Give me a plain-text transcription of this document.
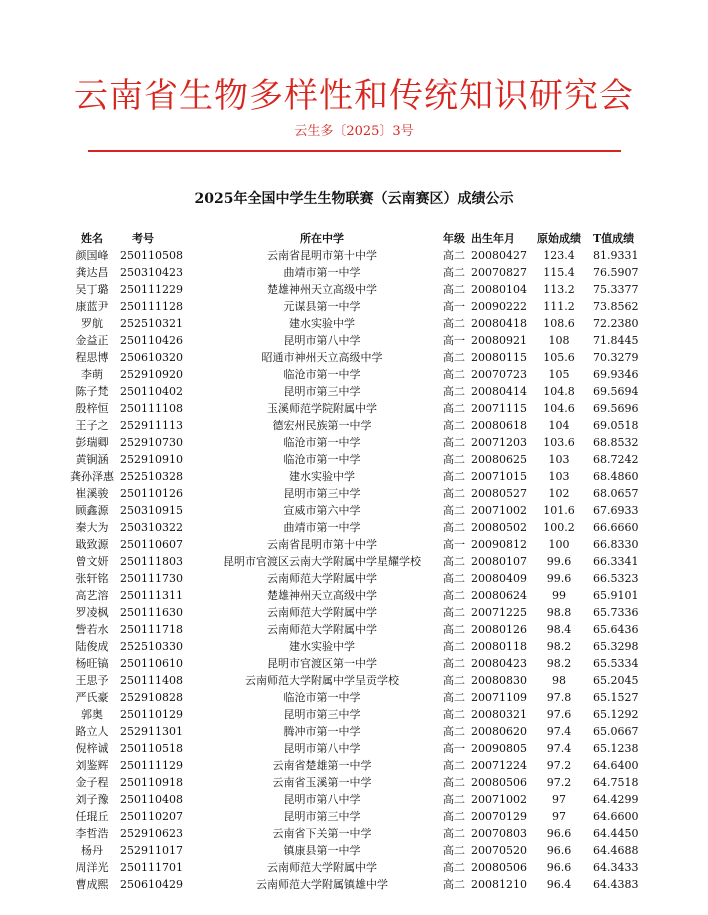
云南省生物多样性和传统知识研究会
云生多〔2025〕3号
2025年全国中学生生物联赛（云南赛区）成绩公示
姓名	考号	所在中学	年级	出生年月	原始成绩	T值成绩
颜国峰	250110508	云南省昆明市第十中学	高二	20080427	123.4	81.9331
龚达昌	250310423	曲靖市第一中学	高二	20070827	115.4	76.5907
吴丁璐	250111229	楚雄神州天立高级中学	高二	20080104	113.2	75.3377
康蓝尹	250111128	元谋县第一中学	高一	20090222	111.2	73.8562
罗航	252510321	建水实验中学	高二	20080418	108.6	72.2380
金益正	250110426	昆明市第八中学	高一	20080921	108	71.8445
程思博	250610320	昭通市神州天立高级中学	高二	20080115	105.6	70.3279
李萌	252910920	临沧市第一中学	高二	20070723	105	69.9346
陈子梵	250110402	昆明市第三中学	高二	20080414	104.8	69.5694
殷梓恒	250111108	玉溪师范学院附属中学	高二	20071115	104.6	69.5696
王子之	252911113	德宏州民族第一中学	高二	20080618	104	69.0518
彭瑞卿	252910730	临沧市第一中学	高二	20071203	103.6	68.8532
黄锏涵	252910910	临沧市第一中学	高二	20080625	103	68.7242
龚孙泽惠	252510328	建水实验中学	高二	20071015	103	68.4860
崔溪骏	250110126	昆明市第三中学	高二	20080527	102	68.0657
顾鑫源	250310915	宣威市第六中学	高二	20071002	101.6	67.6933
秦大为	250310322	曲靖市第一中学	高二	20080502	100.2	66.6660
戢致源	250110607	云南省昆明市第十中学	高一	20090812	100	66.8330
曾文妍	250111803	昆明市官渡区云南大学附属中学星耀学校	高二	20080107	99.6	66.3341
张轩铭	250111730	云南师范大学附属中学	高二	20080409	99.6	66.5323
高艺溶	250111311	楚雄神州天立高级中学	高二	20080624	99	65.9101
罗凌枫	250111630	云南师范大学附属中学	高二	20071225	98.8	65.7336
訾若水	250111718	云南师范大学附属中学	高二	20080126	98.4	65.6436
陆俊成	252510330	建水实验中学	高二	20080118	98.2	65.3298
杨旺镐	250110610	昆明市官渡区第一中学	高二	20080423	98.2	65.5334
王思予	250111408	云南师范大学附属中学呈贡学校	高二	20080830	98	65.2045
严氏豪	252910828	临沧市第一中学	高二	20071109	97.8	65.1527
郭奥	250110129	昆明市第三中学	高二	20080321	97.6	65.1292
路立人	252911301	腾冲市第一中学	高二	20080620	97.4	65.0667
倪梓诚	250110518	昆明市第八中学	高一	20090805	97.4	65.1238
刘鉴辉	250111129	云南省楚雄第一中学	高二	20071224	97.2	64.6400
金子程	250110918	云南省玉溪第一中学	高二	20080506	97.2	64.7518
刘子豫	250110408	昆明市第八中学	高二	20071002	97	64.4299
任琨丘	250110207	昆明市第三中学	高二	20070129	97	64.6600
李哲浩	252910623	云南省下关第一中学	高二	20070803	96.6	64.4450
杨丹	252911017	镇康县第一中学	高二	20070520	96.6	64.4688
周洋光	250111701	云南师范大学附属中学	高二	20080506	96.6	64.3433
曹成熙	250610429	云南师范大学附属镇雄中学	高二	20081210	96.4	64.4383
